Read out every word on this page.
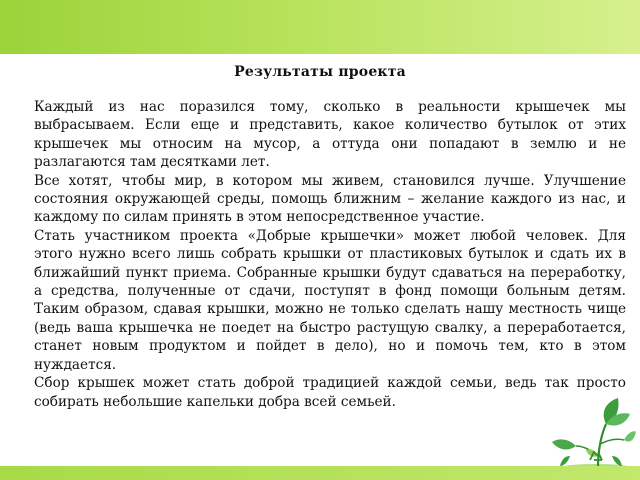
Результаты проекта

Каждый из нас поразился тому, сколько в реальности крышечек мы выбрасываем. Если еще и представить, какое количество бутылок от этих крышечек мы относим на мусор, а оттуда они попадают в землю и не разлагаются там десятками лет.

Все хотят, чтобы мир, в котором мы живем, становился лучше. Улучшение состояния окружающей среды, помощь ближним – желание каждого из нас, и каждому по силам принять в этом непосредственное участие.

Стать участником проекта «Добрые крышечки» может любой человек. Для этого нужно всего лишь собрать крышки от пластиковых бутылок и сдать их в ближайший пункт приема. Собранные крышки будут сдаваться на переработку, а средства, полученные от сдачи, поступят в фонд помощи больным детям. Таким образом, сдавая крышки, можно не только сделать нашу местность чище (ведь ваша крышечка не поедет на быстро растущую свалку, а переработается, станет новым продуктом и пойдет в дело), но и помочь тем, кто в этом нуждается.

Сбор крышек может стать доброй традицией каждой семьи, ведь так просто собирать небольшие капельки добра всей семьей.
